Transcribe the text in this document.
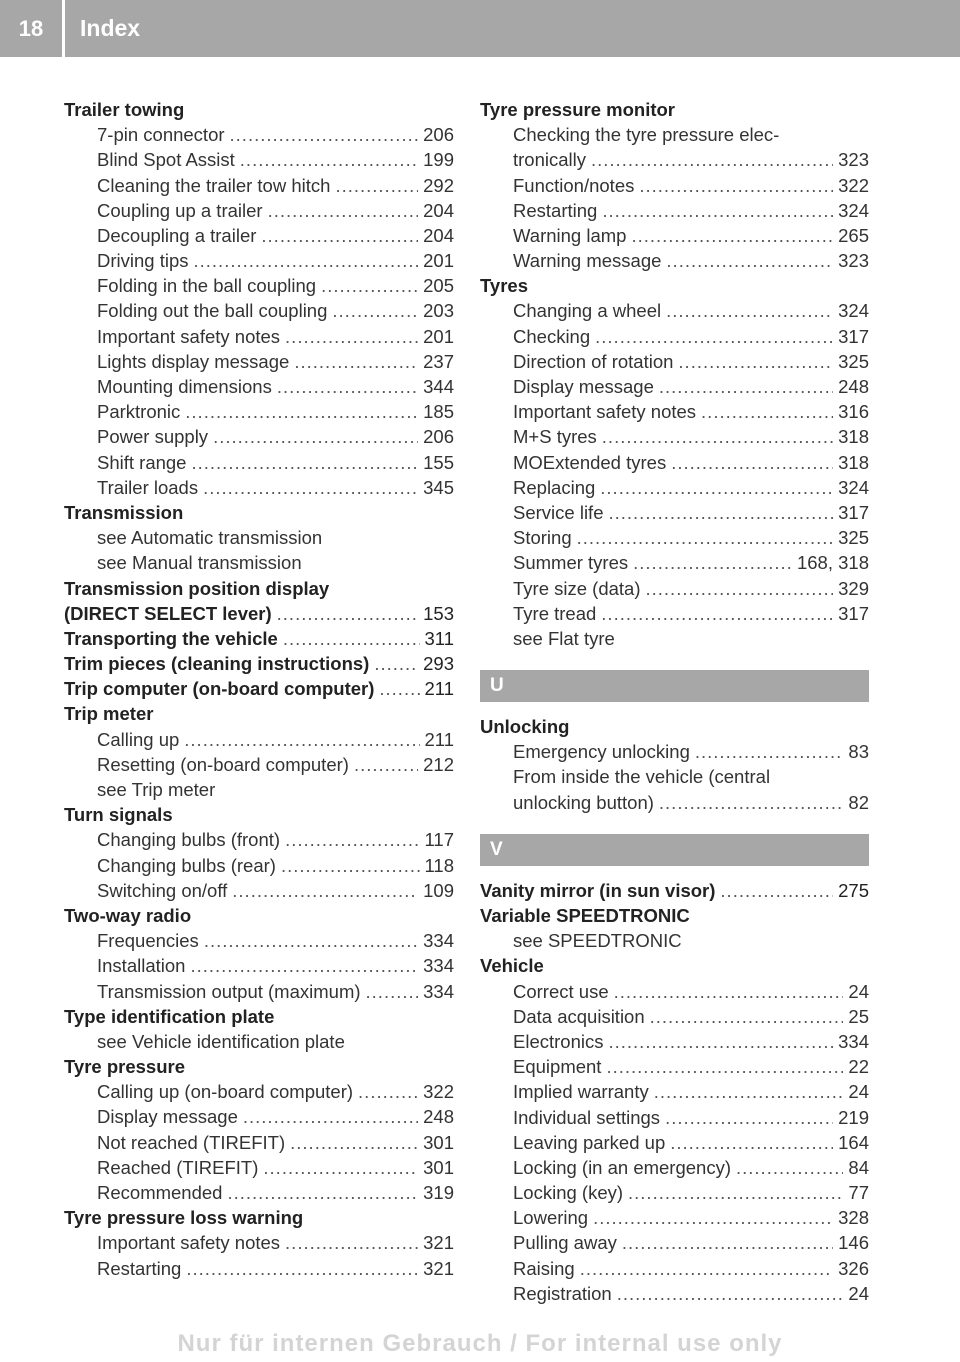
18	Index
Trailer towing
7-pin connector .....	206
Blind Spot Assist .....	199
Cleaning the trailer tow hitch .....	292
Coupling up a trailer .....	204
Decoupling a trailer .....	204
Driving tips .....	201
Folding in the ball coupling .....	205
Folding out the ball coupling .....	203
Important safety notes .....	201
Lights display message .....	237
Mounting dimensions .....	344
Parktronic .....	185
Power supply .....	206
Shift range .....	155
Trailer loads .....	345
Transmission
see Automatic transmission
see Manual transmission
Transmission position display
(DIRECT SELECT lever) .....	153
Transporting the vehicle .....	311
Trim pieces (cleaning instructions) .....	293
Trip computer (on-board computer) .....	211
Trip meter
Calling up .....	211
Resetting (on-board computer) .....	212
see Trip meter
Turn signals
Changing bulbs (front) .....	117
Changing bulbs (rear) .....	118
Switching on/off .....	109
Two-way radio
Frequencies .....	334
Installation .....	334
Transmission output (maximum) .....	334
Type identification plate
see Vehicle identification plate
Tyre pressure
Calling up (on-board computer) .....	322
Display message .....	248
Not reached (TIREFIT) .....	301
Reached (TIREFIT) .....	301
Recommended .....	319
Tyre pressure loss warning
Important safety notes .....	321
Restarting .....	321
Tyre pressure monitor
Checking the tyre pressure elec-
tronically .....	323
Function/notes .....	322
Restarting .....	324
Warning lamp .....	265
Warning message .....	323
Tyres
Changing a wheel .....	324
Checking .....	317
Direction of rotation .....	325
Display message .....	248
Important safety notes .....	316
M+S tyres .....	318
MOExtended tyres .....	318
Replacing .....	324
Service life .....	317
Storing .....	325
Summer tyres .....	168, 318
Tyre size (data) .....	329
Tyre tread .....	317
see Flat tyre
U
Unlocking
Emergency unlocking .....	83
From inside the vehicle (central
unlocking button) .....	82
V
Vanity mirror (in sun visor) .....	275
Variable SPEEDTRONIC
see SPEEDTRONIC
Vehicle
Correct use .....	24
Data acquisition .....	25
Electronics .....	334
Equipment .....	22
Implied warranty .....	24
Individual settings .....	219
Leaving parked up .....	164
Locking (in an emergency) .....	84
Locking (key) .....	77
Lowering .....	328
Pulling away .....	146
Raising .....	326
Registration .....	24
Nur für internen Gebrauch / For internal use only
